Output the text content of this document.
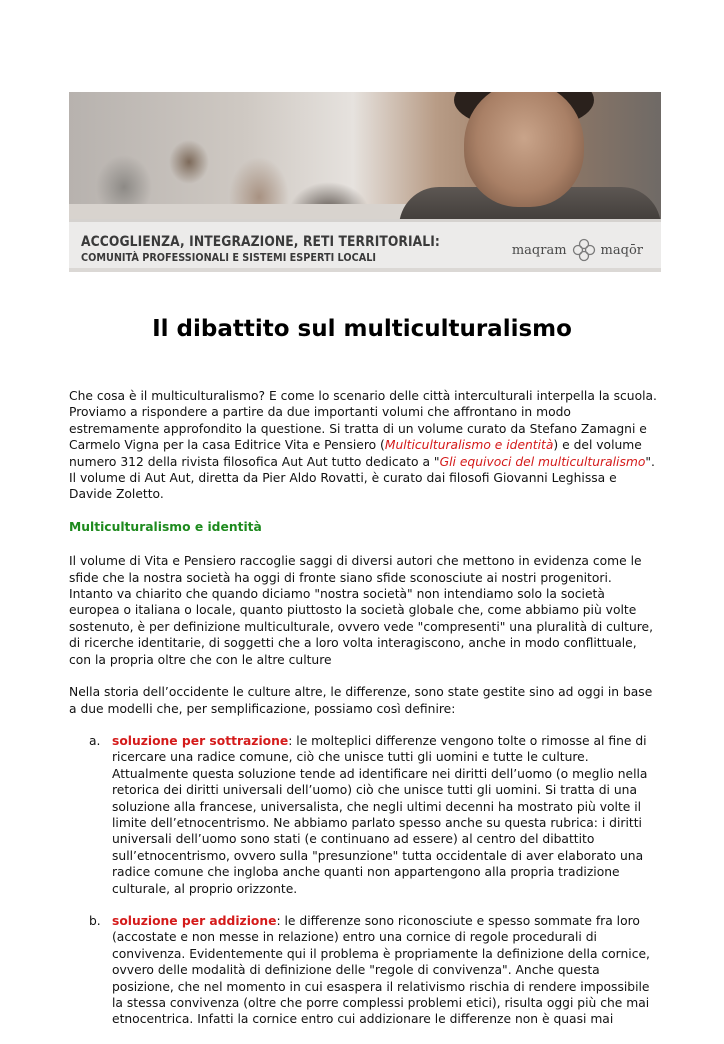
ACCOGLIENZA, INTEGRAZIONE, RETI TERRITORIALI:
COMUNITÀ PROFESSIONALI E SISTEMI ESPERTI LOCALI	maqram	maqōr
Il dibattito sul multiculturalismo

Che cosa è il multiculturalismo? E come lo scenario delle città interculturali interpella la scuola. Proviamo a rispondere a partire da due importanti volumi che affrontano in modo estremamente approfondito la questione. Si tratta di un volume curato da Stefano Zamagni e Carmelo Vigna per la casa Editrice Vita e Pensiero (Multiculturalismo e identità) e del volume numero 312 della rivista filosofica Aut Aut tutto dedicato a "Gli equivoci del multiculturalismo". Il volume di Aut Aut, diretta da Pier Aldo Rovatti, è curato dai filosofi Giovanni Leghissa e Davide Zoletto.

Multiculturalismo e identità

Il volume di Vita e Pensiero raccoglie saggi di diversi autori che mettono in evidenza come le sfide che la nostra società ha oggi di fronte siano sfide sconosciute ai nostri progenitori. Intanto va chiarito che quando diciamo "nostra società" non intendiamo solo la società europea o italiana o locale, quanto piuttosto la società globale che, come abbiamo più volte sostenuto, è per definizione multiculturale, ovvero vede "compresenti" una pluralità di culture, di ricerche identitarie, di soggetti che a loro volta interagiscono, anche in modo conflittuale, con la propria oltre che con le altre culture

Nella storia dell’occidente le culture altre, le differenze, sono state gestite sino ad oggi in base a due modelli che, per semplificazione, possiamo così definire:

a. soluzione per sottrazione: le molteplici differenze vengono tolte o rimosse al fine di ricercare una radice comune, ciò che unisce tutti gli uomini e tutte le culture. Attualmente questa soluzione tende ad identificare nei diritti dell’uomo (o meglio nella retorica dei diritti universali dell’uomo) ciò che unisce tutti gli uomini. Si tratta di una soluzione alla francese, universalista, che negli ultimi decenni ha mostrato più volte il limite dell’etnocentrismo. Ne abbiamo parlato spesso anche su questa rubrica: i diritti universali dell’uomo sono stati (e continuano ad essere) al centro del dibattito sull’etnocentrismo, ovvero sulla "presunzione" tutta occidentale di aver elaborato una radice comune che ingloba anche quanti non appartengono alla propria tradizione culturale, al proprio orizzonte.
b. soluzione per addizione: le differenze sono riconosciute e spesso sommate fra loro (accostate e non messe in relazione) entro una cornice di regole procedurali di convivenza. Evidentemente qui il problema è propriamente la definizione della cornice, ovvero delle modalità di definizione delle "regole di convivenza". Anche questa posizione, che nel momento in cui esaspera il relativismo rischia di rendere impossibile la stessa convivenza (oltre che porre complessi problemi etici), risulta oggi più che mai etnocentrica. Infatti la cornice entro cui addizionare le differenze non è quasi mai
